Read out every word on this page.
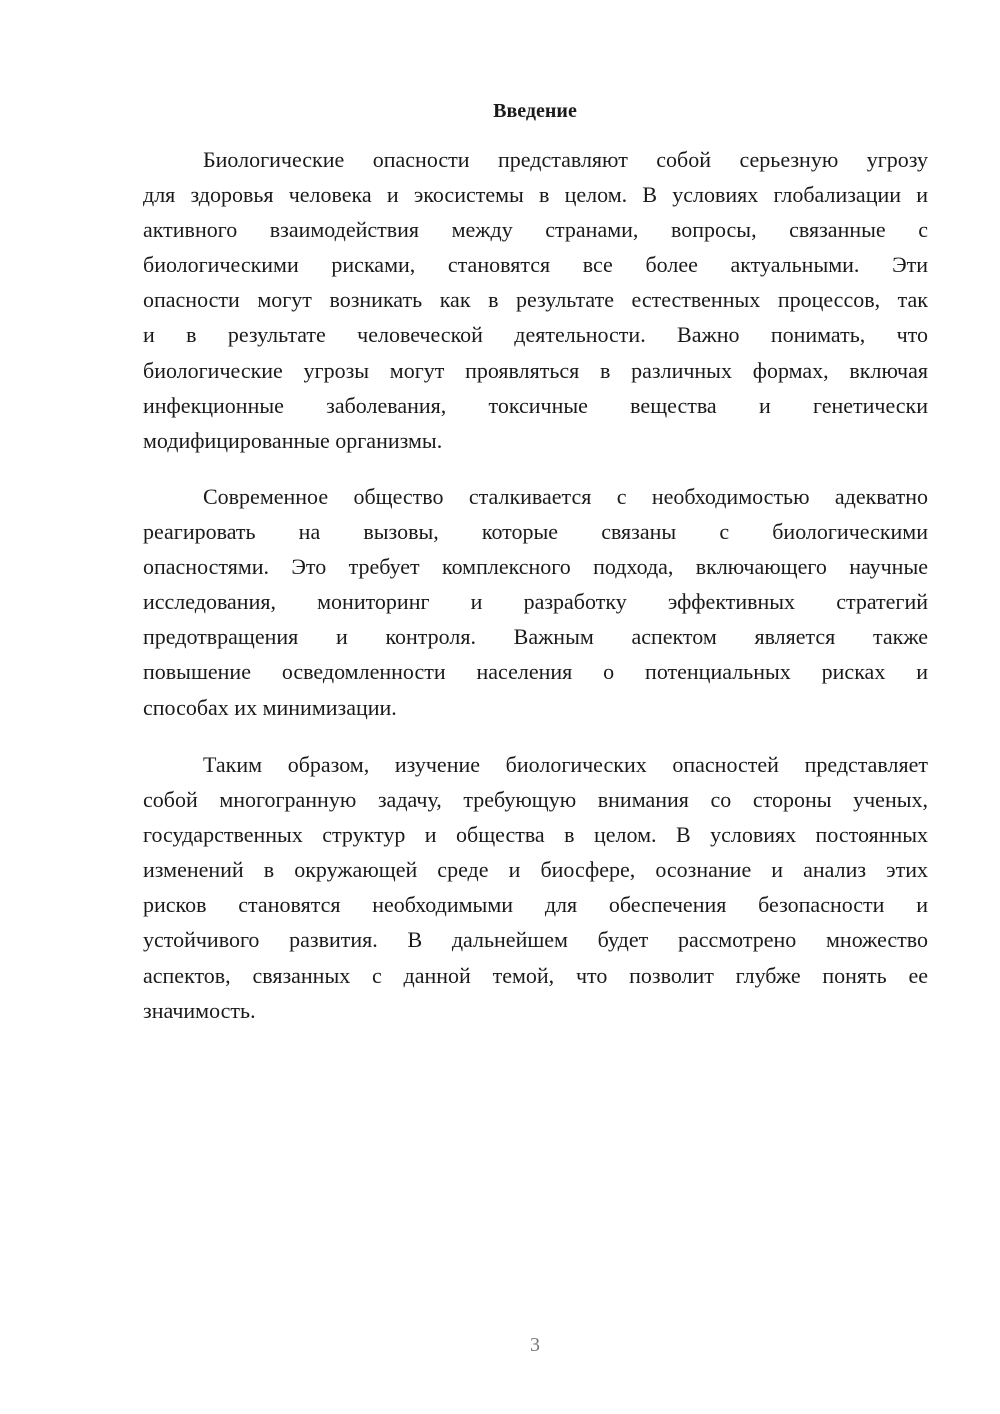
Введение
Биологические опасности представляют собой серьезную угрозу
для здоровья человека и экосистемы в целом. В условиях глобализации и
активного взаимодействия между странами, вопросы, связанные с
биологическими рисками, становятся все более актуальными. Эти
опасности могут возникать как в результате естественных процессов, так
и в результате человеческой деятельности. Важно понимать, что
биологические угрозы могут проявляться в различных формах, включая
инфекционные заболевания, токсичные вещества и генетически
модифицированные организмы.
Современное общество сталкивается с необходимостью адекватно
реагировать на вызовы, которые связаны с биологическими
опасностями. Это требует комплексного подхода, включающего научные
исследования, мониторинг и разработку эффективных стратегий
предотвращения и контроля. Важным аспектом является также
повышение осведомленности населения о потенциальных рисках и
способах их минимизации.
Таким образом, изучение биологических опасностей представляет
собой многогранную задачу, требующую внимания со стороны ученых,
государственных структур и общества в целом. В условиях постоянных
изменений в окружающей среде и биосфере, осознание и анализ этих
рисков становятся необходимыми для обеспечения безопасности и
устойчивого развития. В дальнейшем будет рассмотрено множество
аспектов, связанных с данной темой, что позволит глубже понять ее
значимость.
3
